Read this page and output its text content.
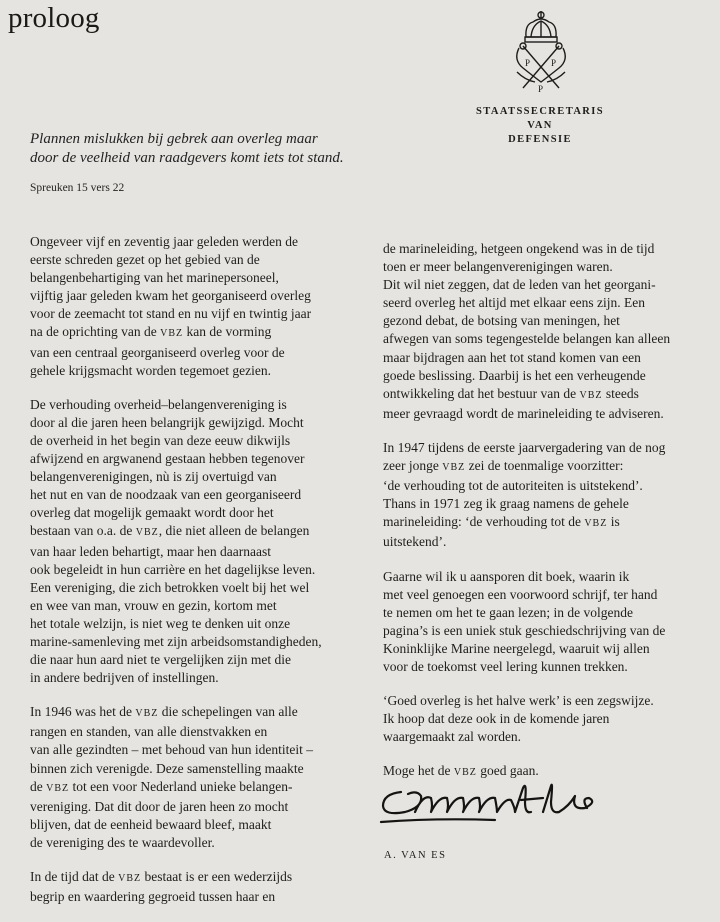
proloog
P P
P
STAATSSECRETARIS
VAN
DEFENSIE
Plannen mislukken bij gebrek aan overleg maar
door de veelheid van raadgevers komt iets tot stand.
Spreuken 15 vers 22

Ongeveer vijf en zeventig jaar geleden werden de
eerste schreden gezet op het gebied van de
belangenbehartiging van het marinepersoneel,
vijftig jaar geleden kwam het georganiseerd overleg
voor de zeemacht tot stand en nu vijf en twintig jaar
na de oprichting van de VBZ kan de vorming
van een centraal georganiseerd overleg voor de
gehele krijgsmacht worden tegemoet gezien.

De verhouding overheid–belangenvereniging is
door al die jaren heen belangrijk gewijzigd. Mocht
de overheid in het begin van deze eeuw dikwijls
afwijzend en argwanend gestaan hebben tegenover
belangenverenigingen, nù is zij overtuigd van
het nut en van de noodzaak van een georganiseerd
overleg dat mogelijk gemaakt wordt door het
bestaan van o.a. de VBZ, die niet alleen de belangen
van haar leden behartigt, maar hen daarnaast
ook begeleidt in hun carrière en het dagelijkse leven.
Een vereniging, die zich betrokken voelt bij het wel
en wee van man, vrouw en gezin, kortom met
het totale welzijn, is niet weg te denken uit onze
marine-samenleving met zijn arbeidsomstandigheden,
die naar hun aard niet te vergelijken zijn met die
in andere bedrijven of instellingen.

In 1946 was het de VBZ die schepelingen van alle
rangen en standen, van alle dienstvakken en
van alle gezindten – met behoud van hun identiteit –
binnen zich verenigde. Deze samenstelling maakte
de VBZ tot een voor Nederland unieke belangen-
vereniging. Dat dit door de jaren heen zo mocht
blijven, dat de eenheid bewaard bleef, maakt
de vereniging des te waardevoller.

In de tijd dat de VBZ bestaat is er een wederzijds
begrip en waardering gegroeid tussen haar en

de marineleiding, hetgeen ongekend was in de tijd
toen er meer belangenverenigingen waren.
Dit wil niet zeggen, dat de leden van het georgani-
seerd overleg het altijd met elkaar eens zijn. Een
gezond debat, de botsing van meningen, het
afwegen van soms tegengestelde belangen kan alleen
maar bijdragen aan het tot stand komen van een
goede beslissing. Daarbij is het een verheugende
ontwikkeling dat het bestuur van de VBZ steeds
meer gevraagd wordt de marineleiding te adviseren.

In 1947 tijdens de eerste jaarvergadering van de nog
zeer jonge VBZ zei de toenmalige voorzitter:
‘de verhouding tot de autoriteiten is uitstekend’.
Thans in 1971 zeg ik graag namens de gehele
marineleiding: ‘de verhouding tot de VBZ is
uitstekend’.

Gaarne wil ik u aansporen dit boek, waarin ik
met veel genoegen een voorwoord schrijf, ter hand
te nemen om het te gaan lezen; in de volgende
pagina’s is een uniek stuk geschiedschrijving van de
Koninklijke Marine neergelegd, waaruit wij allen
voor de toekomst veel lering kunnen trekken.

‘Goed overleg is het halve werk’ is een zegswijze.
Ik hoop dat deze ook in de komende jaren
waargemaakt zal worden.

Moge het de VBZ goed gaan.

A. VAN ES
